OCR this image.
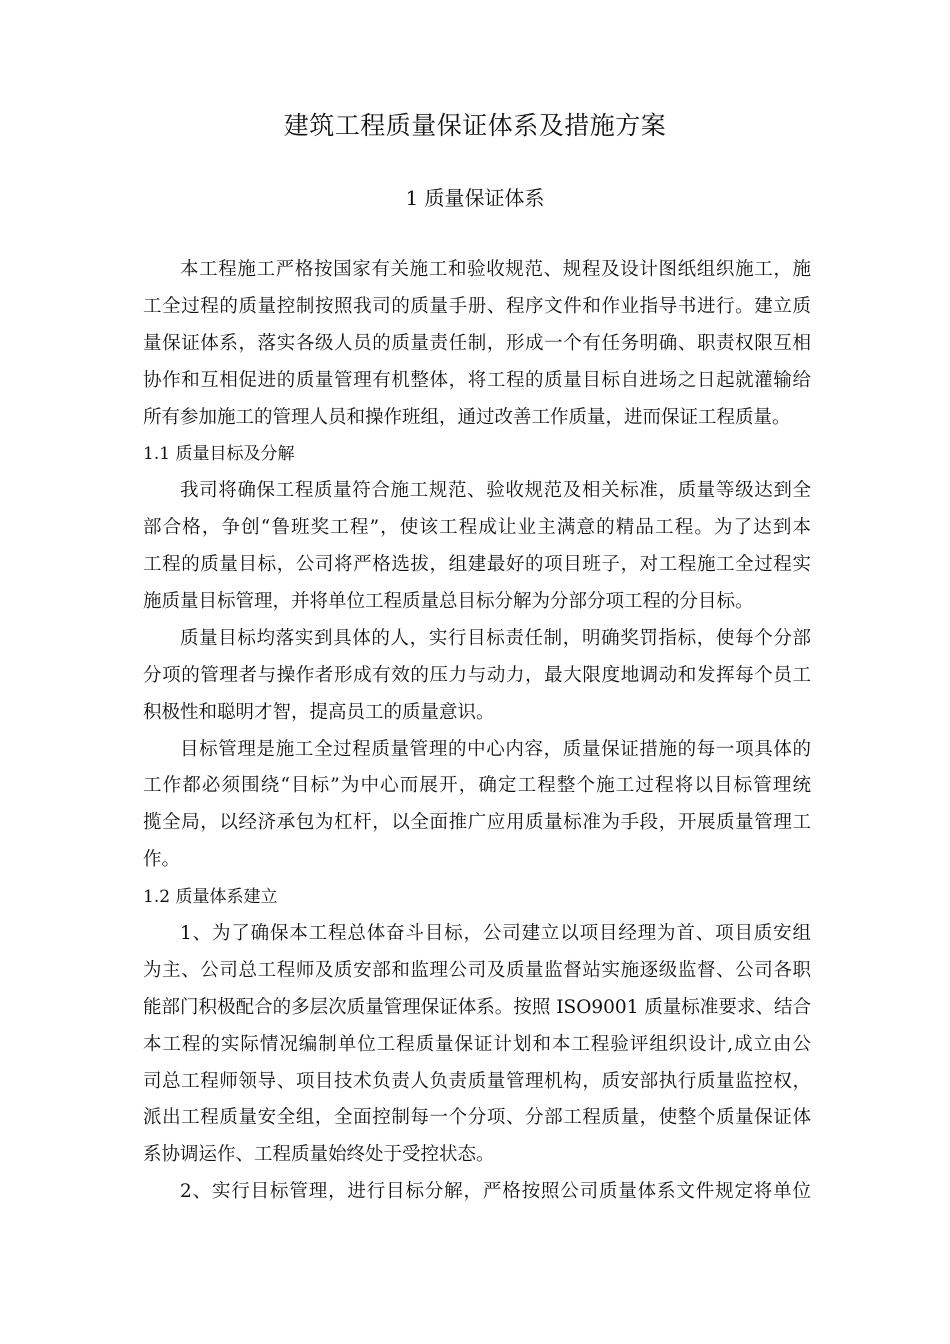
建筑工程质量保证体系及措施方案
1 质量保证体系
本工程施工严格按国家有关施工和验收规范、规程及设计图纸组织施工，施
工全过程的质量控制按照我司的质量手册、程序文件和作业指导书进行。建立质
量保证体系，落实各级人员的质量责任制，形成一个有任务明确、职责权限互相
协作和互相促进的质量管理有机整体，将工程的质量目标自进场之日起就灌输给
所有参加施工的管理人员和操作班组，通过改善工作质量，进而保证工程质量。
1.1 质量目标及分解
我司将确保工程质量符合施工规范、验收规范及相关标准，质量等级达到全
部合格，争创“鲁班奖工程”，使该工程成让业主满意的精品工程。为了达到本
工程的质量目标，公司将严格选拔，组建最好的项目班子，对工程施工全过程实
施质量目标管理，并将单位工程质量总目标分解为分部分项工程的分目标。
质量目标均落实到具体的人，实行目标责任制，明确奖罚指标，使每个分部
分项的管理者与操作者形成有效的压力与动力，最大限度地调动和发挥每个员工
积极性和聪明才智，提高员工的质量意识。
目标管理是施工全过程质量管理的中心内容，质量保证措施的每一项具体的
工作都必须围绕“目标”为中心而展开，确定工程整个施工过程将以目标管理统
揽全局，以经济承包为杠杆，以全面推广应用质量标准为手段，开展质量管理工
作。
1.2 质量体系建立
1、为了确保本工程总体奋斗目标，公司建立以项目经理为首、项目质安组
为主、公司总工程师及质安部和监理公司及质量监督站实施逐级监督、公司各职
能部门积极配合的多层次质量管理保证体系。按照 ISO9001 质量标准要求、结合
本工程的实际情况编制单位工程质量保证计划和本工程验评组织设计,成立由公
司总工程师领导、项目技术负责人负责质量管理机构，质安部执行质量监控权，
派出工程质量安全组，全面控制每一个分项、分部工程质量，使整个质量保证体
系协调运作、工程质量始终处于受控状态。
2、实行目标管理，进行目标分解，严格按照公司质量体系文件规定将单位
